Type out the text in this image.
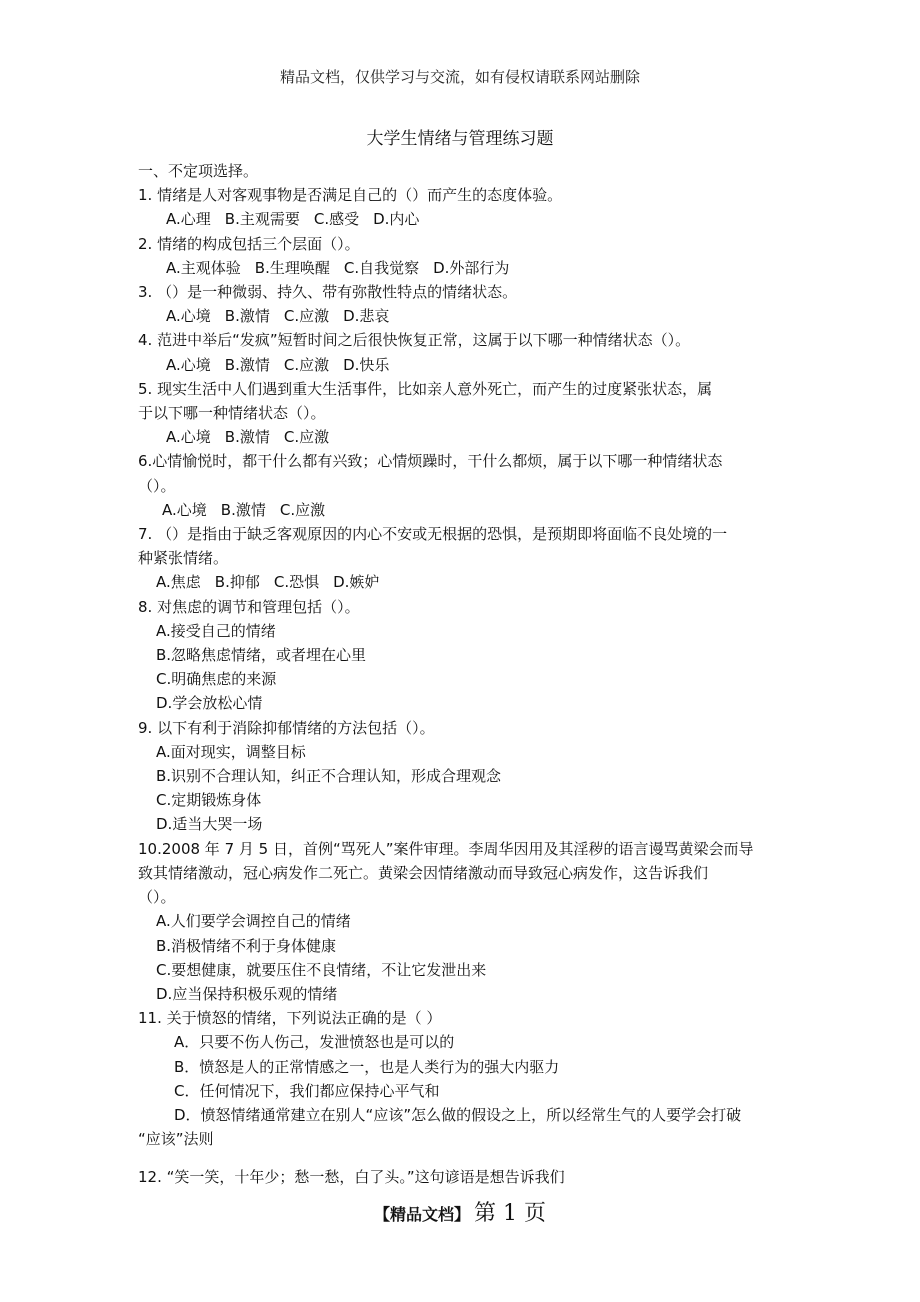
精品文档，仅供学习与交流，如有侵权请联系网站删除
大学生情绪与管理练习题
一、不定项选择。
1. 情绪是人对客观事物是否满足自己的（）而产生的态度体验。
A.心理 B.主观需要 C.感受 D.内心
2. 情绪的构成包括三个层面（）。
A.主观体验 B.生理唤醒 C.自我觉察 D.外部行为
3. （）是一种微弱、持久、带有弥散性特点的情绪状态。
A.心境 B.激情 C.应激 D.悲哀
4. 范进中举后“发疯”短暂时间之后很快恢复正常，这属于以下哪一种情绪状态（）。
A.心境 B.激情 C.应激 D.快乐
5. 现实生活中人们遇到重大生活事件，比如亲人意外死亡，而产生的过度紧张状态，属
于以下哪一种情绪状态（）。
A.心境 B.激情 C.应激
6.心情愉悦时，都干什么都有兴致；心情烦躁时，干什么都烦，属于以下哪一种情绪状态
（）。
A.心境 B.激情 C.应激
7. （）是指由于缺乏客观原因的内心不安或无根据的恐惧，是预期即将面临不良处境的一
种紧张情绪。
A.焦虑 B.抑郁 C.恐惧 D.嫉妒
8. 对焦虑的调节和管理包括（）。
A.接受自己的情绪
B.忽略焦虑情绪，或者埋在心里
C.明确焦虑的来源
D.学会放松心情
9. 以下有利于消除抑郁情绪的方法包括（）。
A.面对现实，调整目标
B.识别不合理认知，纠正不合理认知，形成合理观念
C.定期锻炼身体
D.适当大哭一场
10.2008 年 7 月 5 日，首例“骂死人”案件审理。李周华因用及其淫秽的语言谩骂黄梁会而导
致其情绪激动，冠心病发作二死亡。黄梁会因情绪激动而导致冠心病发作，这告诉我们
（）。
A.人们要学会调控自己的情绪
B.消极情绪不利于身体健康
C.要想健康，就要压住不良情绪，不让它发泄出来
D.应当保持积极乐观的情绪
11. 关于愤怒的情绪，下列说法正确的是（ ）
A．只要不伤人伤己，发泄愤怒也是可以的
B．愤怒是人的正常情感之一，也是人类行为的强大内驱力
C．任何情况下，我们都应保持心平气和
D．愤怒情绪通常建立在别人“应该”怎么做的假设之上，所以经常生气的人要学会打破
“应该”法则
12. “笑一笑，十年少；愁一愁，白了头。”这句谚语是想告诉我们
【精品文档】 第 1 页
